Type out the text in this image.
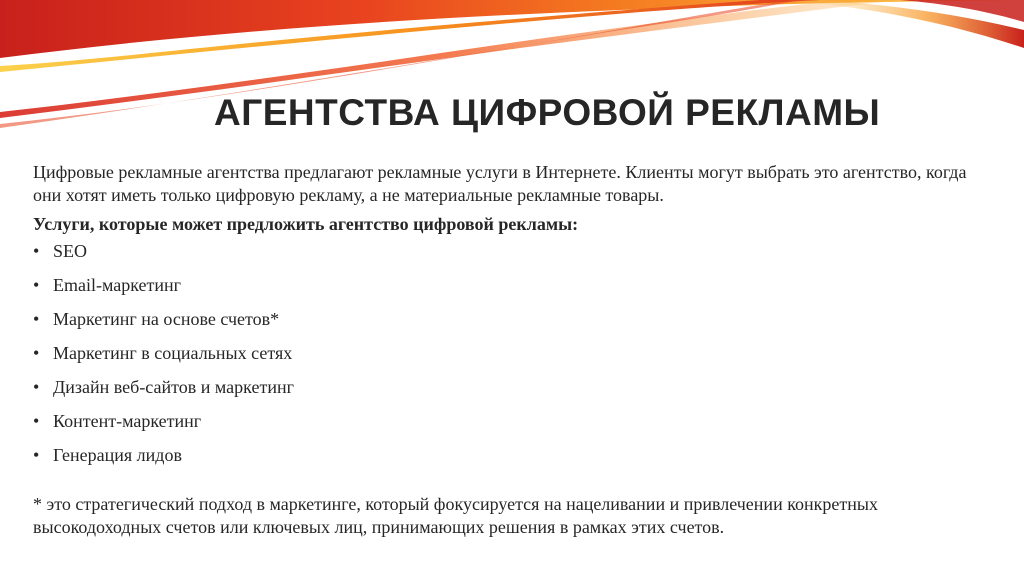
АГЕНТСТВА ЦИФРОВОЙ РЕКЛАМЫ

Цифровые рекламные агентства предлагают рекламные услуги в Интернете. Клиенты могут выбрать это агентство, когда они хотят иметь только цифровую рекламу, а не материальные рекламные товары.

Услуги, которые может предложить агентство цифровой рекламы:

• SEO
• Email-маркетинг
• Маркетинг на основе счетов*
• Маркетинг в социальных сетях
• Дизайн веб-сайтов и маркетинг
• Контент-маркетинг
• Генерация лидов

* это стратегический подход в маркетинге, который фокусируется на нацеливании и привлечении конкретных высокодоходных счетов или ключевых лиц, принимающих решения в рамках этих счетов.
